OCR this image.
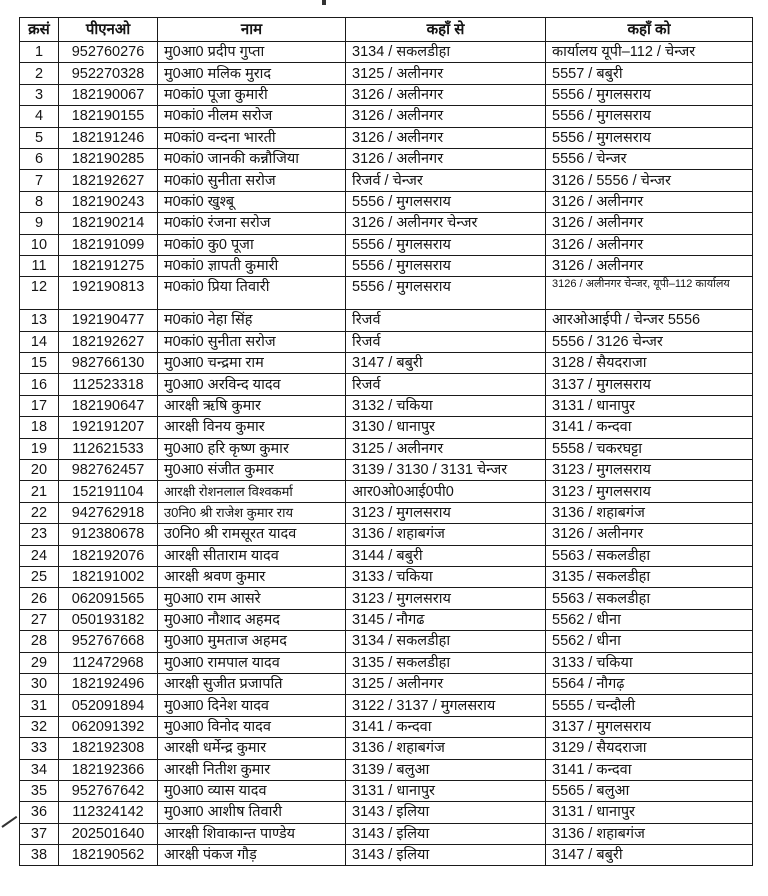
क्रसं	पीएनओ	नाम	कहाँ से	कहाँ को
1	952760276	मु0आ0 प्रदीप गुप्ता	3134 / सकलडीहा	कार्यालय यूपी–112 / चेन्जर
2	952270328	मु0आ0 मलिक मुराद	3125 / अलीनगर	5557 / बबुरी
3	182190067	म0कां0 पूजा कुमारी	3126 / अलीनगर	5556 / मुगलसराय
4	182190155	म0कां0 नीलम सरोज	3126 / अलीनगर	5556 / मुगलसराय
5	182191246	म0कां0 वन्दना भारती	3126 / अलीनगर	5556 / मुगलसराय
6	182190285	म0कां0 जानकी कन्नौजिया	3126 / अलीनगर	5556 / चेन्जर
7	182192627	म0कां0 सुनीता सरोज	रिजर्व / चेन्जर	3126 / 5556 / चेन्जर
8	182190243	म0कां0 खुश्बू	5556 / मुगलसराय	3126 / अलीनगर
9	182190214	म0कां0 रंजना सरोज	3126 / अलीनगर चेन्जर	3126 / अलीनगर
10	182191099	म0कां0 कु0 पूजा	5556 / मुगलसराय	3126 / अलीनगर
11	182191275	म0कां0 ज्ञापती कुमारी	5556 / मुगलसराय	3126 / अलीनगर
12	192190813	म0कां0 प्रिया तिवारी	5556 / मुगलसराय	3126 / अलीनगर चेन्जर, यूपी–112 कार्यालय
13	192190477	म0कां0 नेहा सिंह	रिजर्व	आरओआईपी / चेन्जर 5556
14	182192627	म0कां0 सुनीता सरोज	रिजर्व	5556 / 3126 चेन्जर
15	982766130	मु0आ0 चन्द्रमा राम	3147 / बबुरी	3128 / सैयदराजा
16	112523318	मु0आ0 अरविन्द यादव	रिजर्व	3137 / मुगलसराय
17	182190647	आरक्षी ऋषि कुमार	3132 / चकिया	3131 / धानापुर
18	192191207	आरक्षी विनय कुमार	3130 / धानापुर	3141 / कन्दवा
19	112621533	मु0आ0 हरि कृष्ण कुमार	3125 / अलीनगर	5558 / चकरघट्टा
20	982762457	मु0आ0 संजीत कुमार	3139 / 3130 / 3131 चेन्जर	3123 / मुगलसराय
21	152191104	आरक्षी रोशनलाल विश्वकर्मा	आर0ओ0आई0पी0	3123 / मुगलसराय
22	942762918	उ0नि0 श्री राजेश कुमार राय	3123 / मुगलसराय	3136 / शहाबगंज
23	912380678	उ0नि0 श्री रामसूरत यादव	3136 / शहाबगंज	3126 / अलीनगर
24	182192076	आरक्षी सीताराम यादव	3144 / बबुरी	5563 / सकलडीहा
25	182191002	आरक्षी श्रवण कुमार	3133 / चकिया	3135 / सकलडीहा
26	062091565	मु0आ0 राम आसरे	3123 / मुगलसराय	5563 / सकलडीहा
27	050193182	मु0आ0 नौशाद अहमद	3145 / नौगढ	5562 / धीना
28	952767668	मु0आ0 मुमताज अहमद	3134 / सकलडीहा	5562 / धीना
29	112472968	मु0आ0 रामपाल यादव	3135 / सकलडीहा	3133 / चकिया
30	182192496	आरक्षी सुजीत प्रजापति	3125 / अलीनगर	5564 / नौगढ़
31	052091894	मु0आ0 दिनेश यादव	3122 / 3137 / मुगलसराय	5555 / चन्दौली
32	062091392	मु0आ0 विनोद यादव	3141 / कन्दवा	3137 / मुगलसराय
33	182192308	आरक्षी धर्मेन्द्र कुमार	3136 / शहाबगंज	3129 / सैयदराजा
34	182192366	आरक्षी नितीश कुमार	3139 / बलुआ	3141 / कन्दवा
35	952767642	मु0आ0 व्यास यादव	3131 / धानापुर	5565 / बलुआ
36	112324142	मु0आ0 आशीष तिवारी	3143 / इलिया	3131 / धानापुर
37	202501640	आरक्षी शिवाकान्त पाण्डेय	3143 / इलिया	3136 / शहाबगंज
38	182190562	आरक्षी पंकज गौड़	3143 / इलिया	3147 / बबुरी
